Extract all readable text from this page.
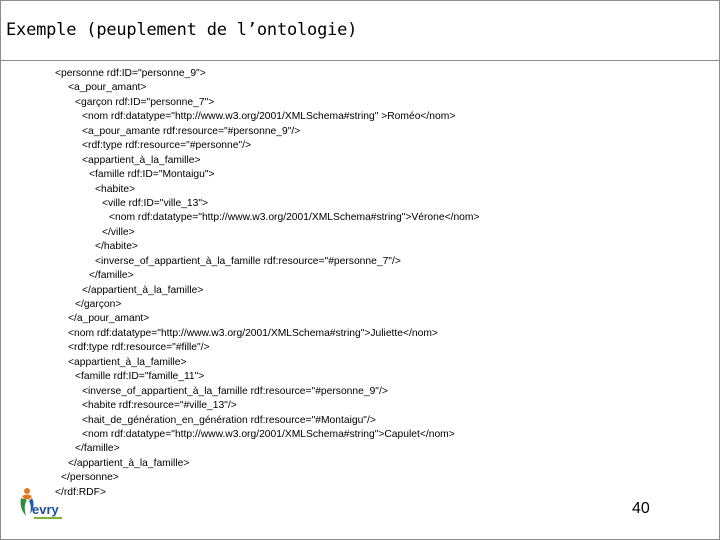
Exemple (peuplement de l’ontologie)
<personne rdf:ID="personne_9">
<a_pour_amant>
<garçon rdf:ID="personne_7">
<nom rdf:datatype="http://www.w3.org/2001/XMLSchema#string" >Roméo</nom>
<a_pour_amante rdf:resource="#personne_9"/>
<rdf:type rdf:resource="#personne"/>
<appartient_à_la_famille>
<famille rdf:ID="Montaigu">
<habite>
<ville rdf:ID="ville_13">
<nom rdf:datatype="http://www.w3.org/2001/XMLSchema#string">Vérone</nom>
</ville>
</habite>
<inverse_of_appartient_à_la_famille rdf:resource="#personne_7"/>
</famille>
</appartient_à_la_famille>
</garçon>
</a_pour_amant>
<nom rdf:datatype="http://www.w3.org/2001/XMLSchema#string">Juliette</nom>
<rdf:type rdf:resource="#fille"/>
<appartient_à_la_famille>
<famille rdf:ID="famille_11">
<inverse_of_appartient_à_la_famille rdf:resource="#personne_9"/>
<habite rdf:resource="#ville_13"/>
<hait_de_génération_en_génération rdf:resource="#Montaigu"/>
<nom rdf:datatype="http://www.w3.org/2001/XMLSchema#string">Capulet</nom>
</famille>
</appartient_à_la_famille>
</personne>
</rdf:RDF>
evry	40
